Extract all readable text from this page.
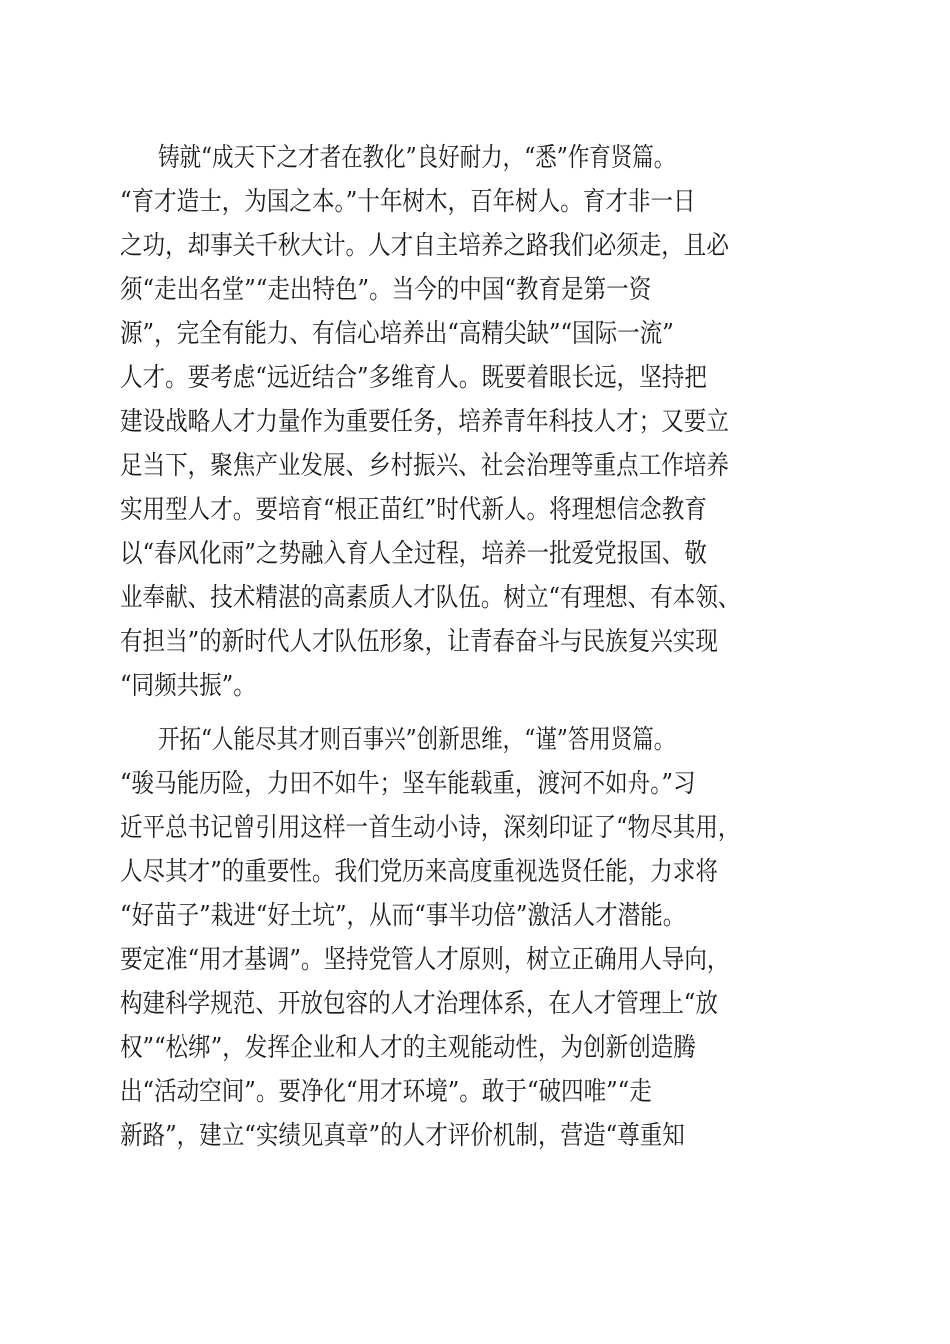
铸就“成天下之才者在教化”良好耐力，“悉”作育贤篇。
“育才造士，为国之本。”十年树木，百年树人。育才非一日
之功，却事关千秋大计。人才自主培养之路我们必须走，且必
须“走出名堂”“走出特色”。当今的中国“教育是第一资
源”，完全有能力、有信心培养出“高精尖缺”“国际一流”
人才。要考虑“远近结合”多维育人。既要着眼长远，坚持把
建设战略人才力量作为重要任务，培养青年科技人才；又要立
足当下，聚焦产业发展、乡村振兴、社会治理等重点工作培养
实用型人才。要培育“根正苗红”时代新人。将理想信念教育
以“春风化雨”之势融入育人全过程，培养一批爱党报国、敬
业奉献、技术精湛的高素质人才队伍。树立“有理想、有本领、
有担当”的新时代人才队伍形象，让青春奋斗与民族复兴实现
“同频共振”。
开拓“人能尽其才则百事兴”创新思维，“谨”答用贤篇。
“骏马能历险，力田不如牛；坚车能载重，渡河不如舟。”习
近平总书记曾引用这样一首生动小诗，深刻印证了“物尽其用，
人尽其才”的重要性。我们党历来高度重视选贤任能，力求将
“好苗子”栽进“好土坑”，从而“事半功倍”激活人才潜能。
要定准“用才基调”。坚持党管人才原则，树立正确用人导向，
构建科学规范、开放包容的人才治理体系，在人才管理上“放
权”“松绑”，发挥企业和人才的主观能动性，为创新创造腾
出“活动空间”。要净化“用才环境”。敢于“破四唯”“走
新路”，建立“实绩见真章”的人才评价机制，营造“尊重知
